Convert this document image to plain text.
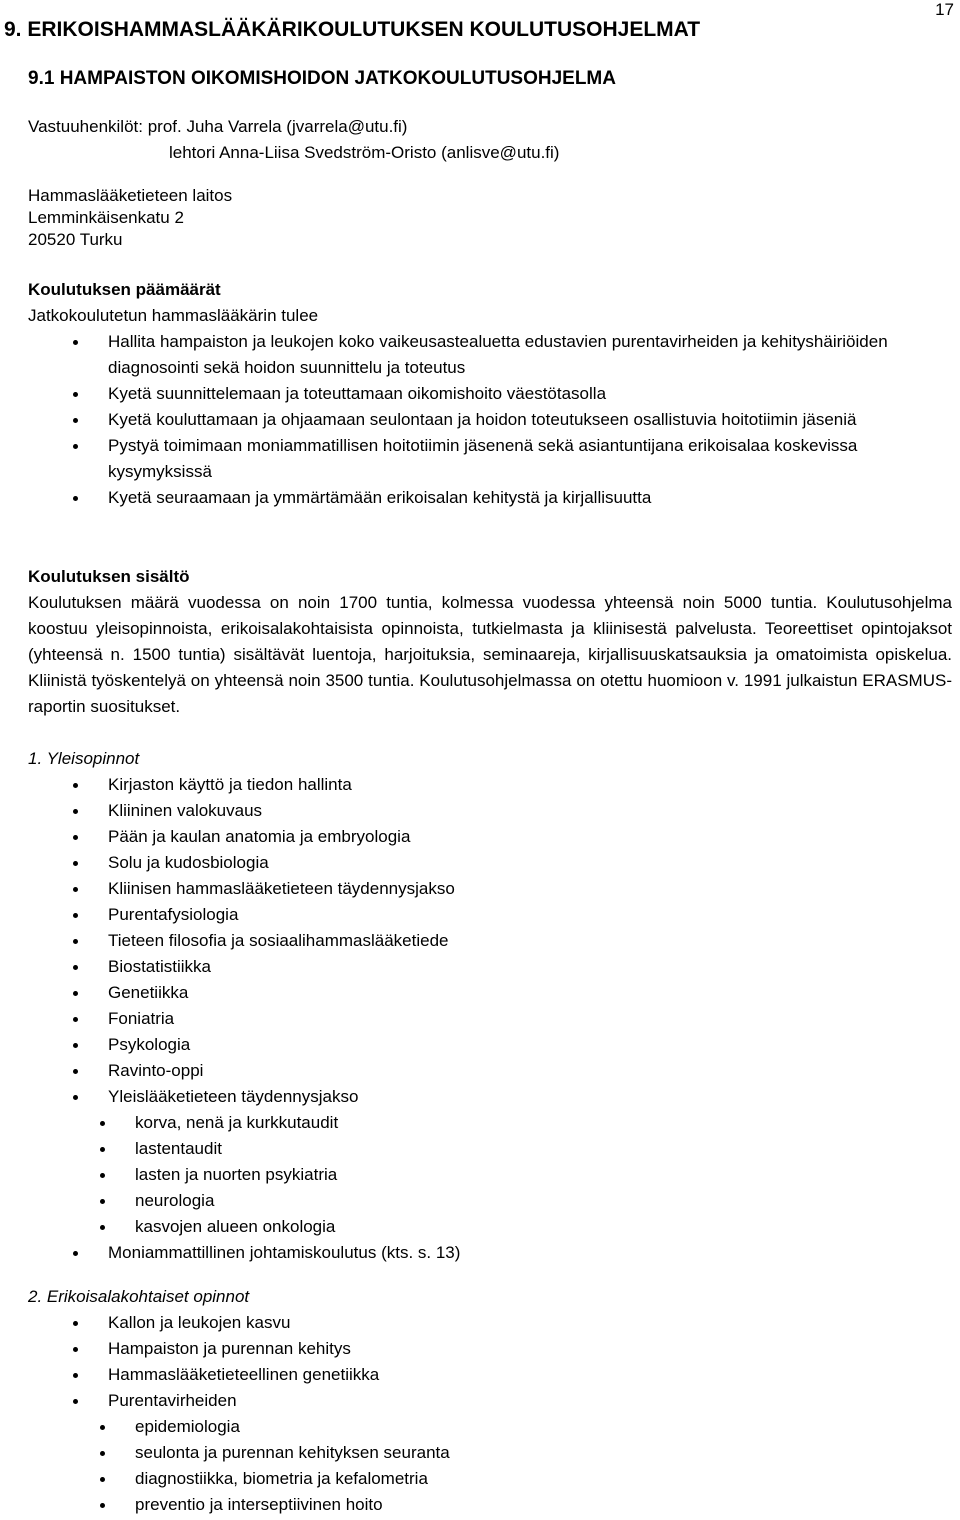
17
9. ERIKOISHAMMASLÄÄKÄRIKOULUTUKSEN KOULUTUSOHJELMAT
9.1 HAMPAISTON OIKOMISHOIDON JATKOKOULUTUSOHJELMA
Vastuuhenkilöt: prof. Juha Varrela (jvarrela@utu.fi)
lehtori Anna-Liisa Svedström-Oristo (anlisve@utu.fi)
Hammaslääketieteen laitos
Lemminkäisenkatu 2
20520 Turku
Koulutuksen päämäärät
Jatkokoulutetun hammaslääkärin tulee
Hallita hampaiston ja leukojen koko vaikeusastealuetta edustavien purentavirheiden ja kehityshäiriöiden diagnosointi sekä hoidon suunnittelu ja toteutus
Kyetä suunnittelemaan ja toteuttamaan oikomishoito väestötasolla
Kyetä kouluttamaan ja ohjaamaan seulontaan ja hoidon toteutukseen osallistuvia hoitotiimin jäseniä
Pystyä toimimaan moniammatillisen hoitotiimin jäsenenä sekä asiantuntijana erikoisalaa koskevissa kysymyksissä
Kyetä seuraamaan ja ymmärtämään erikoisalan kehitystä ja kirjallisuutta
Koulutuksen sisältö
Koulutuksen määrä vuodessa on noin 1700 tuntia, kolmessa vuodessa yhteensä noin 5000 tuntia. Koulutusohjelma koostuu yleisopinnoista, erikoisalakohtaisista opinnoista, tutkielmasta ja kliinisestä palvelusta. Teoreettiset opintojaksot (yhteensä n. 1500 tuntia) sisältävät luentoja, harjoituksia, seminaareja, kirjallisuuskatsauksia ja omatoimista opiskelua. Kliinistä työskentelyä on yhteensä noin 3500 tuntia. Koulutusohjelmassa on otettu huomioon v. 1991 julkaistun ERASMUS-raportin suositukset.
1. Yleisopinnot
Kirjaston käyttö ja tiedon hallinta
Kliininen valokuvaus
Pään ja kaulan anatomia ja embryologia
Solu ja kudosbiologia
Kliinisen hammaslääketieteen täydennysjakso
Purentafysiologia
Tieteen filosofia ja sosiaalihammaslääketiede
Biostatistiikka
Genetiikka
Foniatria
Psykologia
Ravinto-oppi
Yleislääketieteen täydennysjakso
korva, nenä ja kurkkutaudit
lastentaudit
lasten ja nuorten psykiatria
neurologia
kasvojen alueen onkologia
Moniammattillinen johtamiskoulutus (kts. s. 13)
2. Erikoisalakohtaiset opinnot
Kallon ja leukojen kasvu
Hampaiston ja purennan kehitys
Hammaslääketieteellinen genetiikka
Purentavirheiden
epidemiologia
seulonta ja purennan kehityksen seuranta
diagnostiikka, biometria ja kefalometria
preventio ja interseptiivinen hoito
